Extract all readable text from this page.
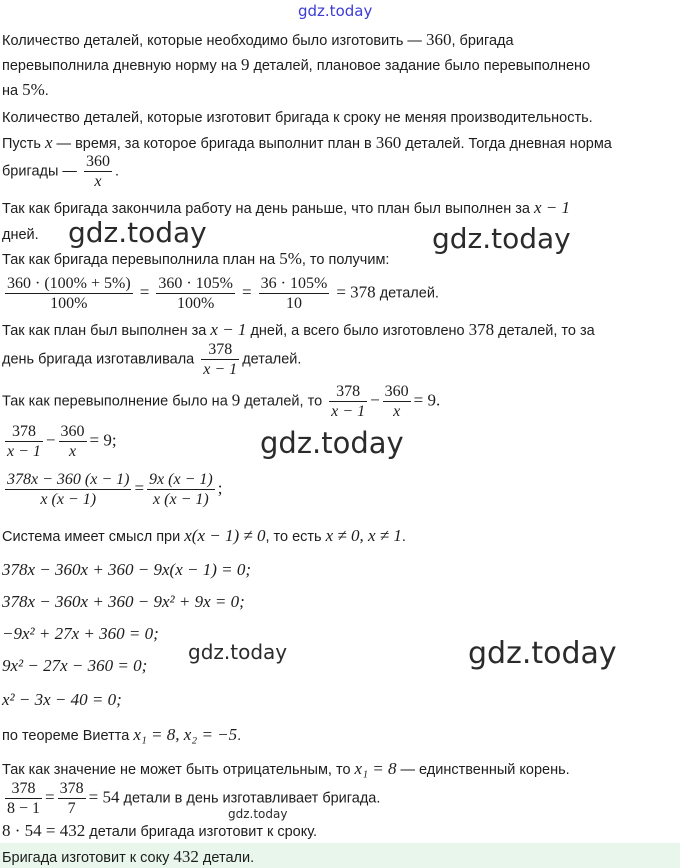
gdz.today
Количество деталей, которые необходимо было изготовить — 360, бригада
перевыполнила дневную норму на 9 деталей, плановое задание было перевыполнено
на 5%.
Количество деталей, которые изготовит бригада к сроку не меняя производительность.
Пусть x — время, за которое бригада выполнит план в 360 деталей. Тогда дневная норма
бригады — $\frac{360}{x}$ .
Так как бригада закончила работу на день раньше, что план был выполнен за x − 1
дней.
Так как бригада перевыполнила план на 5%, то получим:
$\frac{360 \cdot (100\% + 5\%)}{100\%} = \frac{360 \cdot 105\%}{100\%} = \frac{36 \cdot 105\%}{10} = 378$ деталей.
Так как план был выполнен за x − 1 дней, а всего было изготовлено 378 деталей, то за
день бригада изготавливала $\frac{378}{x - 1}$ деталей.
Так как перевыполнение было на 9 деталей, то $\frac{378}{x - 1} - \frac{360}{x} = 9$.
$\frac{378}{x - 1} - \frac{360}{x} = 9$;
$\frac{378x - 360 (x - 1)}{x (x - 1)} = \frac{9x (x - 1)}{x (x - 1)}$ ;
Система имеет смысл при x(x − 1) ≠ 0, то есть x ≠ 0, x ≠ 1.
378x − 360x + 360 − 9x(x − 1) = 0;
378x − 360x + 360 − 9x² + 9x = 0;
−9x² + 27x + 360 = 0;
9x² − 27x − 360 = 0;
x² − 3x − 40 = 0;
по теореме Виетта x₁ = 8, x₂ = −5.
Так как значение не может быть отрицательным, то x₁ = 8 — единственный корень.
$\frac{378}{8 - 1} = \frac{378}{7} = 54$ детали в день изготавливает бригада.
8 · 54 = 432 детали бригада изготовит к сроку.
Бригада изготовит к соку 432 детали.
gdz.today	gdz.today
gdz.today
gdz.today	gdz.today
gdz.today
